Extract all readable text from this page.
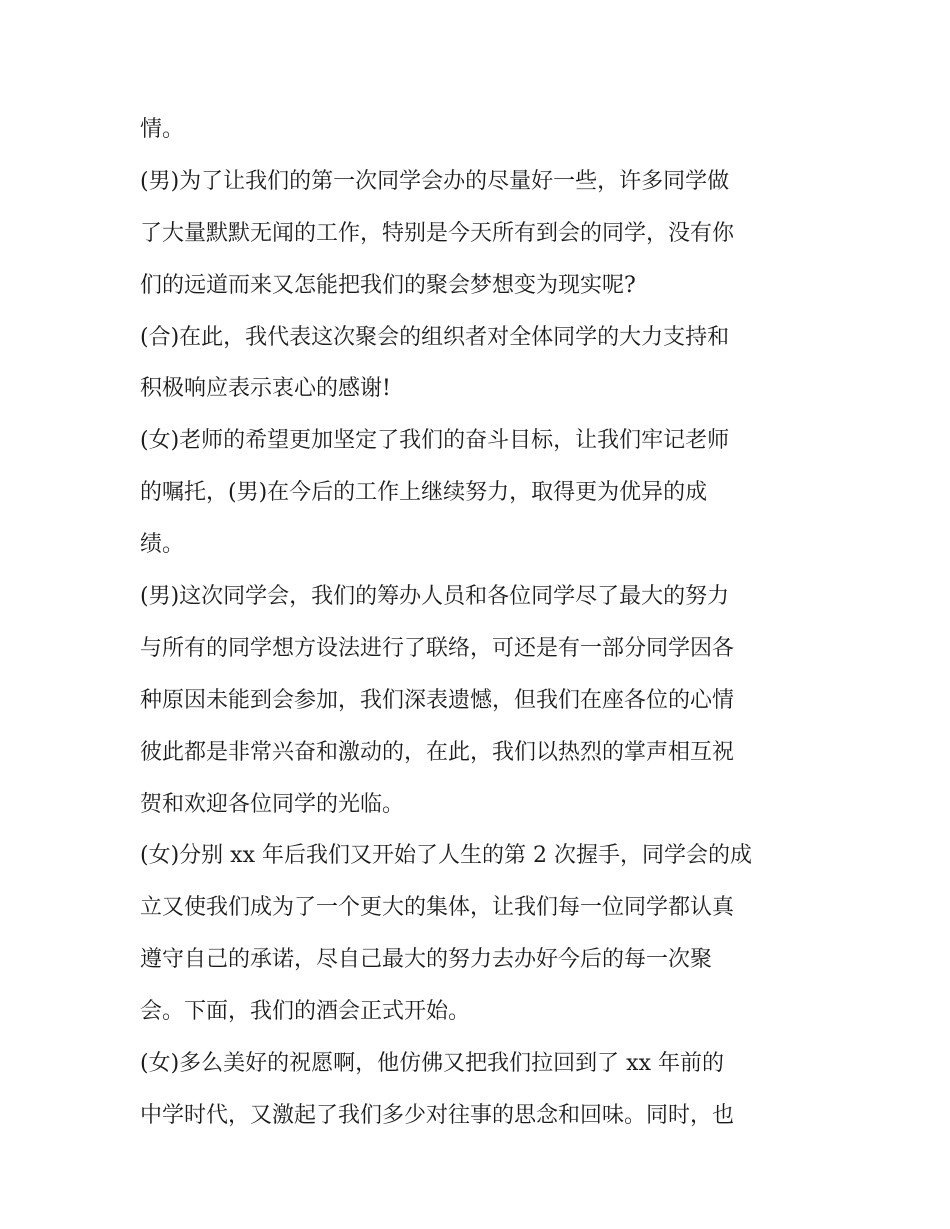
情。
(男)为了让我们的第一次同学会办的尽量好一些，许多同学做
了大量默默无闻的工作，特别是今天所有到会的同学，没有你
们的远道而来又怎能把我们的聚会梦想变为现实呢?
(合)在此，我代表这次聚会的组织者对全体同学的大力支持和
积极响应表示衷心的感谢!
(女)老师的希望更加坚定了我们的奋斗目标，让我们牢记老师
的嘱托，(男)在今后的工作上继续努力，取得更为优异的成
绩。
(男)这次同学会，我们的筹办人员和各位同学尽了最大的努力
与所有的同学想方设法进行了联络，可还是有一部分同学因各
种原因未能到会参加，我们深表遗憾，但我们在座各位的心情
彼此都是非常兴奋和激动的，在此，我们以热烈的掌声相互祝
贺和欢迎各位同学的光临。
(女)分别 xx 年后我们又开始了人生的第 2 次握手，同学会的成
立又使我们成为了一个更大的集体，让我们每一位同学都认真
遵守自己的承诺，尽自己最大的努力去办好今后的每一次聚
会。下面，我们的酒会正式开始。
(女)多么美好的祝愿啊，他仿佛又把我们拉回到了 xx 年前的
中学时代，又激起了我们多少对往事的思念和回味。同时，也
